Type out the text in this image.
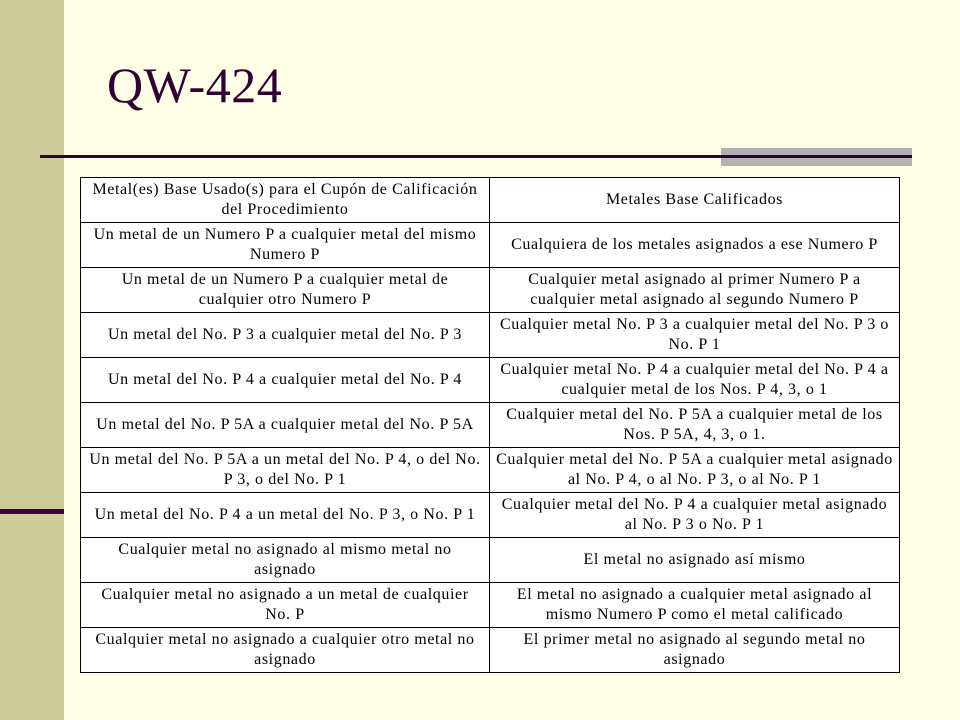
QW-424
Metal(es) Base Usado(s) para el Cupón de Calificación del Procedimiento	Metales Base Calificados
Un metal de un Numero P a cualquier metal del mismo Numero P	Cualquiera de los metales asignados a ese Numero P
Un metal de un Numero P a cualquier metal de cualquier otro Numero P	Cualquier metal asignado al primer Numero P a cualquier metal asignado al segundo Numero P
Un metal del No. P 3 a cualquier metal del No. P 3	Cualquier metal No. P 3 a cualquier metal del No. P 3 o No. P 1
Un metal del No. P 4 a cualquier metal del No. P 4	Cualquier metal No. P 4 a cualquier metal del No. P 4 a cualquier metal de los Nos. P 4, 3, o 1
Un metal del No. P 5A a cualquier metal del No. P 5A	Cualquier metal del No. P 5A a cualquier metal de los Nos. P 5A, 4, 3, o 1.
Un metal del No. P 5A a un metal del No. P 4, o del No. P 3, o del No. P 1	Cualquier metal del No. P 5A a cualquier metal asignado al No. P 4, o al No. P 3, o al No. P 1
Un metal del No. P 4 a un metal del No. P 3, o No. P 1	Cualquier metal del No. P 4 a cualquier metal asignado al No. P 3 o No. P 1
Cualquier metal no asignado al mismo metal no asignado	El metal no asignado así mismo
Cualquier metal no asignado a un metal de cualquier No. P	El metal no asignado a cualquier metal asignado al mismo Numero P como el metal calificado
Cualquier metal no asignado a cualquier otro metal no asignado	El primer metal no asignado al segundo metal no asignado
